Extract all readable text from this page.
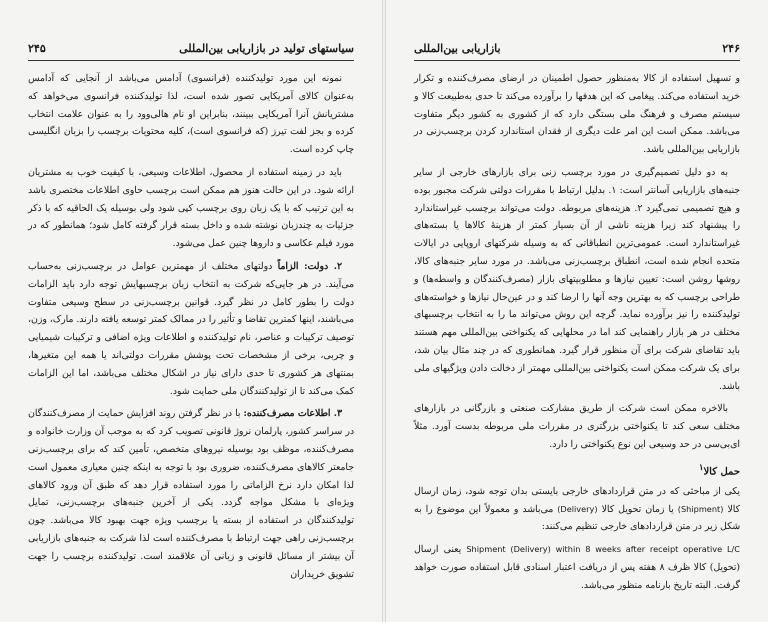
سیاستهای تولید در بازاریابی بین‌المللی
۲۴۵

نمونه این مورد تولیدکننده (فرانسوی) آدامس می‌باشد از آنجایی که آدامس به‌عنوان کالای آمریکایی تصور شده است، لذا تولیدکننده فرانسوی می‌خواهد که مشتریانش آنرا آمریکایی ببینند، بنابراین او نام هالی‌وود را به عنوان علامت انتخاب کرده و بجز لفت تیرز (که فرانسوی است)، کلیه محتویات برچسب را بزبان انگلیسی چاپ کرده است.

باید در زمینه استفاده از محصول، اطلاعات وسیعی، با کیفیت خوب به مشتریان ارائه شود. در این حالت هنوز هم ممکن است برچسب حاوی اطلاعات مختصری باشد به این ترتیب که با یک زبان روی برچسب کپی شود ولی بوسیله یک الحاقیه که با ذکر جزئیات به چندزبان نوشته شده و داخل بسته قرار گرفته کامل شود؛ همانطور که در مورد فیلم عکاسی و داروها چنین عمل می‌شود.

۲. دولت: الزاماً دولتهای مختلف از مهمترین عوامل در برچسب‌زنی به‌حساب می‌آیند. در هر جایی‌که شرکت به انتخاب زبان برچسبهایش توجه دارد باید الزامات دولت را بطور کامل در نظر گیرد. قوانین برچسب‌زنی در سطح وسیعی متفاوت می‌باشند، اینها کمترین تقاضا و تأثیر را در ممالک کمتر توسعه یافته دارند. مارک، وزن، توصیف ترکیبات و عناصر، نام تولیدکننده و اطلاعات ویژه اضافی و ترکیبات شیمیایی و چربی، برخی از مشخصات تحت پوشش مقررات دولتی‌اند یا همه این متغیرها، بمنتهای هر کشوری تا حدی دارای نیاز در اشکال مختلف می‌باشد، اما این الزامات کمک می‌کند تا از تولیدکنندگان ملی حمایت شود.

۳. اطلاعات مصرف‌کننده: با در نظر گرفتن روند افزایش حمایت از مصرف‌کنندگان در سراسر کشور، پارلمان نروژ قانونی تصویب کرد که به موجب آن وزارت خانواده و مصرف‌کننده، موظف بود بوسیله نیروهای متخصص، تأمین کند که برای برچسب‌زنی جامعتر کالاهای مصرف‌کننده، ضروری بود با توجه به اینکه چنین معیاری معمول است لذا امکان دارد نرخ الزاماتی را مورد استفاده قرار دهد که طبق آن ورود کالاهای ویژه‌ای با مشکل مواجه گردد. یکی از آخرین جنبه‌های برچسب‌زنی، تمایل تولیدکنندگان در استفاده از بسته یا برچسب ویژه جهت بهبود کالا می‌باشد. چون برچسب‌زنی راهی جهت ارتباط با مصرف‌کننده است لذا شرکت به جنبه‌های بازاریابی آن بیشتر از مسائل قانونی و زبانی آن علاقمند است. تولیدکننده برچسب را جهت تشویق خریداران

۲۴۶
بازاریابی بین‌المللی

و تسهیل استفاده از کالا به‌منظور حصول اطمینان در ارضای مصرف‌کننده و تکرار خرید استفاده می‌کند. پیغامی که این هدفها را برآورده می‌کند تا حدی به‌طبیعت کالا و سیستم مصرف و فرهنگ ملی بستگی دارد که از کشوری به کشور دیگر متفاوت می‌باشد. ممکن است این امر علت دیگری از فقدان استاندارد کردن برچسب‌زنی در بازاریابی بین‌المللی باشد.

به دو دلیل تصمیم‌گیری در مورد برچسب زنی برای بازارهای خارجی از سایر جنبه‌های بازاریابی آسانتر است: ۱. بدلیل ارتباط با مقررات دولتی شرکت مجبور بوده و هیچ تصمیمی نمی‌گیرد ۲. هزینه‌های مربوطه. دولت می‌تواند برچسب غیراستاندارد را پیشنهاد کند زیرا هزینه ناشی از آن بسیار کمتر از هزینهٔ کالاها یا بسته‌های غیراستاندارد است. عمومی‌ترین انطباقاتی که به وسیله شرکتهای اروپایی در ایالات متحده انجام شده است، انطباق برچسب‌زنی می‌باشد. در مورد سایر جنبه‌های کالا، روشها روشن است: تعیین نیازها و مطلوبیتهای بازار (مصرف‌کنندگان و واسطه‌ها) و طراحی برچسب که به بهترین وجه آنها را ارضا کند و در عین‌حال نیازها و خواسته‌های تولیدکننده را نیز برآورده نماید. گرچه این روش می‌تواند ما را به انتخاب برچسبهای مختلف در هر بازار راهنمایی کند اما در محلهایی که یکنواختی بین‌المللی مهم هستند باید تقاضای شرکت برای آن منظور قرار گیرد. همانطوری که در چند مثال بیان شد، برای یک شرکت ممکن است یکنواختی بین‌المللی مهمتر از دخالت دادن ویژگیهای ملی باشد.

بالاخره ممکن است شرکت از طریق مشارکت صنعتی و بازرگانی در بازارهای مختلف سعی کند تا یکنواختی بزرگتری در مقررات ملی مربوطه بدست آورد. مثلاً ای‌بی‌سی در حد وسیعی این نوع یکنواختی را دارد.

حمل کالا$^۱$

یکی از مباحثی که در متن قراردادهای خارجی بایستی بدان توجه شود، زمان ارسال کالا (Shipment) یا زمان تحویل کالا (Delivery) می‌باشد و معمولاً این موضوع را به شکل زیر در متن قراردادهای خارجی تنظیم می‌کنند:

Shipment (Delivery) within 8 weeks after receipt operative L/C یعنی ارسال (تحویل) کالا ظرف ۸ هفته پس از دریافت اعتبار اسنادی قابل استفاده صورت خواهد گرفت. البته تاریخ بارنامه منظور می‌باشد.
